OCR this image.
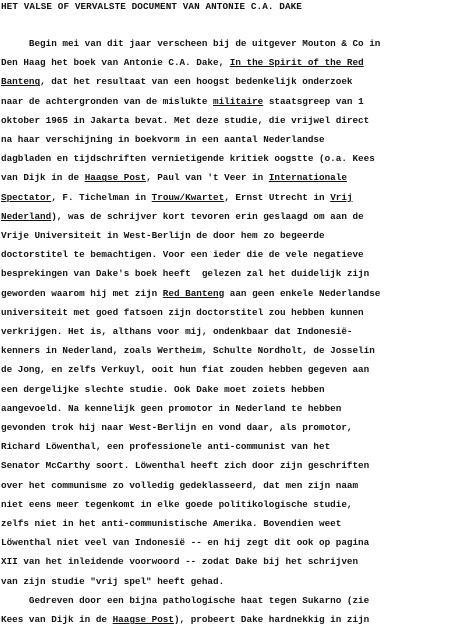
HET VALSE OF VERVALSTE DOCUMENT VAN ANTONIE C.A. DAKE
Begin mei van dit jaar verscheen bij de uitgever Mouton & Co in
Den Haag het boek van Antonie C.A. Dake, In the Spirit of the Red
Banteng, dat het resultaat van een hoogst bedenkelijk onderzoek
naar de achtergronden van de mislukte militaire staatsgreep van 1
oktober 1965 in Jakarta bevat. Met deze studie, die vrijwel direct
na haar verschijning in boekvorm in een aantal Nederlandse
dagbladen en tijdschriften vernietigende kritiek oogstte (o.a. Kees
van Dijk in de Haagse Post, Paul van 't Veer in Internationale
Spectator, F. Tichelman in Trouw/Kwartet, Ernst Utrecht in Vrij
Nederland), was de schrijver kort tevoren erin geslaagd om aan de
Vrije Universiteit in West-Berlijn de door hem zo begeerde
doctorstitel te bemachtigen. Voor een ieder die de vele negatieve
besprekingen van Dake's boek heeft  gelezen zal het duidelijk zijn
geworden waarom hij met zijn Red Banteng aan geen enkele Nederlandse
universiteit met goed fatsoen zijn doctorstitel zou hebben kunnen
verkrijgen. Het is, althans voor mij, ondenkbaar dat Indonesië-
kenners in Nederland, zoals Wertheim, Schulte Nordholt, de Josselin
de Jong, en zelfs Verkuyl, ooit hun fiat zouden hebben gegeven aan
een dergelijke slechte studie. Ook Dake moet zoiets hebben
aangevoeld. Na kennelijk geen promotor in Nederland te hebben
gevonden trok hij naar West-Berlijn en vond daar, als promotor,
Richard Löwenthal, een professionele anti-communist van het
Senator McCarthy soort. Löwenthal heeft zich door zijn geschriften
over het communisme zo volledig gedeklasseerd, dat men zijn naam
niet eens meer tegenkomt in elke goede politikologische studie,
zelfs niet in het anti-communistische Amerika. Bovendien weet
Löwenthal niet veel van Indonesië -- en hij zegt dit ook op pagina
XII van het inleidende voorwoord -- zodat Dake bij het schrijven
van zijn studie "vrij spel" heeft gehad.
Gedreven door een bijna pathologische haat tegen Sukarno (zie
Kees van Dijk in de Haagse Post), probeert Dake hardnekkig in zijn
